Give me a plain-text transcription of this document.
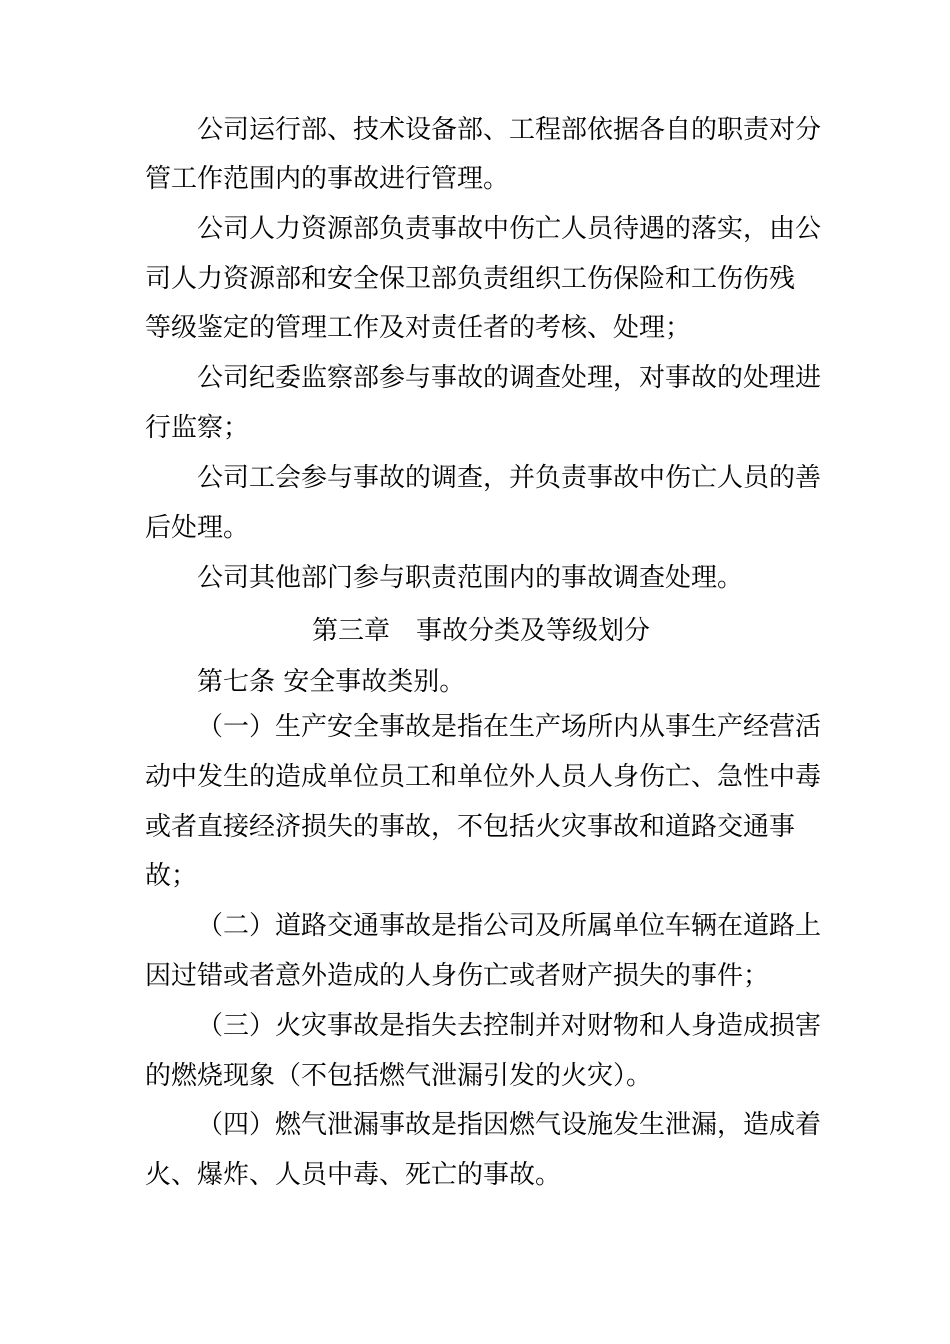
公司运行部、技术设备部、工程部依据各自的职责对分
管工作范围内的事故进行管理。
公司人力资源部负责事故中伤亡人员待遇的落实，由公
司人力资源部和安全保卫部负责组织工伤保险和工伤伤残
等级鉴定的管理工作及对责任者的考核、处理；
公司纪委监察部参与事故的调查处理，对事故的处理进
行监察；
公司工会参与事故的调查，并负责事故中伤亡人员的善
后处理。
公司其他部门参与职责范围内的事故调查处理。
第三章　事故分类及等级划分
第七条 安全事故类别。
（一）生产安全事故是指在生产场所内从事生产经营活
动中发生的造成单位员工和单位外人员人身伤亡、急性中毒
或者直接经济损失的事故，不包括火灾事故和道路交通事
故；
（二）道路交通事故是指公司及所属单位车辆在道路上
因过错或者意外造成的人身伤亡或者财产损失的事件；
（三）火灾事故是指失去控制并对财物和人身造成损害
的燃烧现象（不包括燃气泄漏引发的火灾）。
（四）燃气泄漏事故是指因燃气设施发生泄漏，造成着
火、爆炸、人员中毒、死亡的事故。
